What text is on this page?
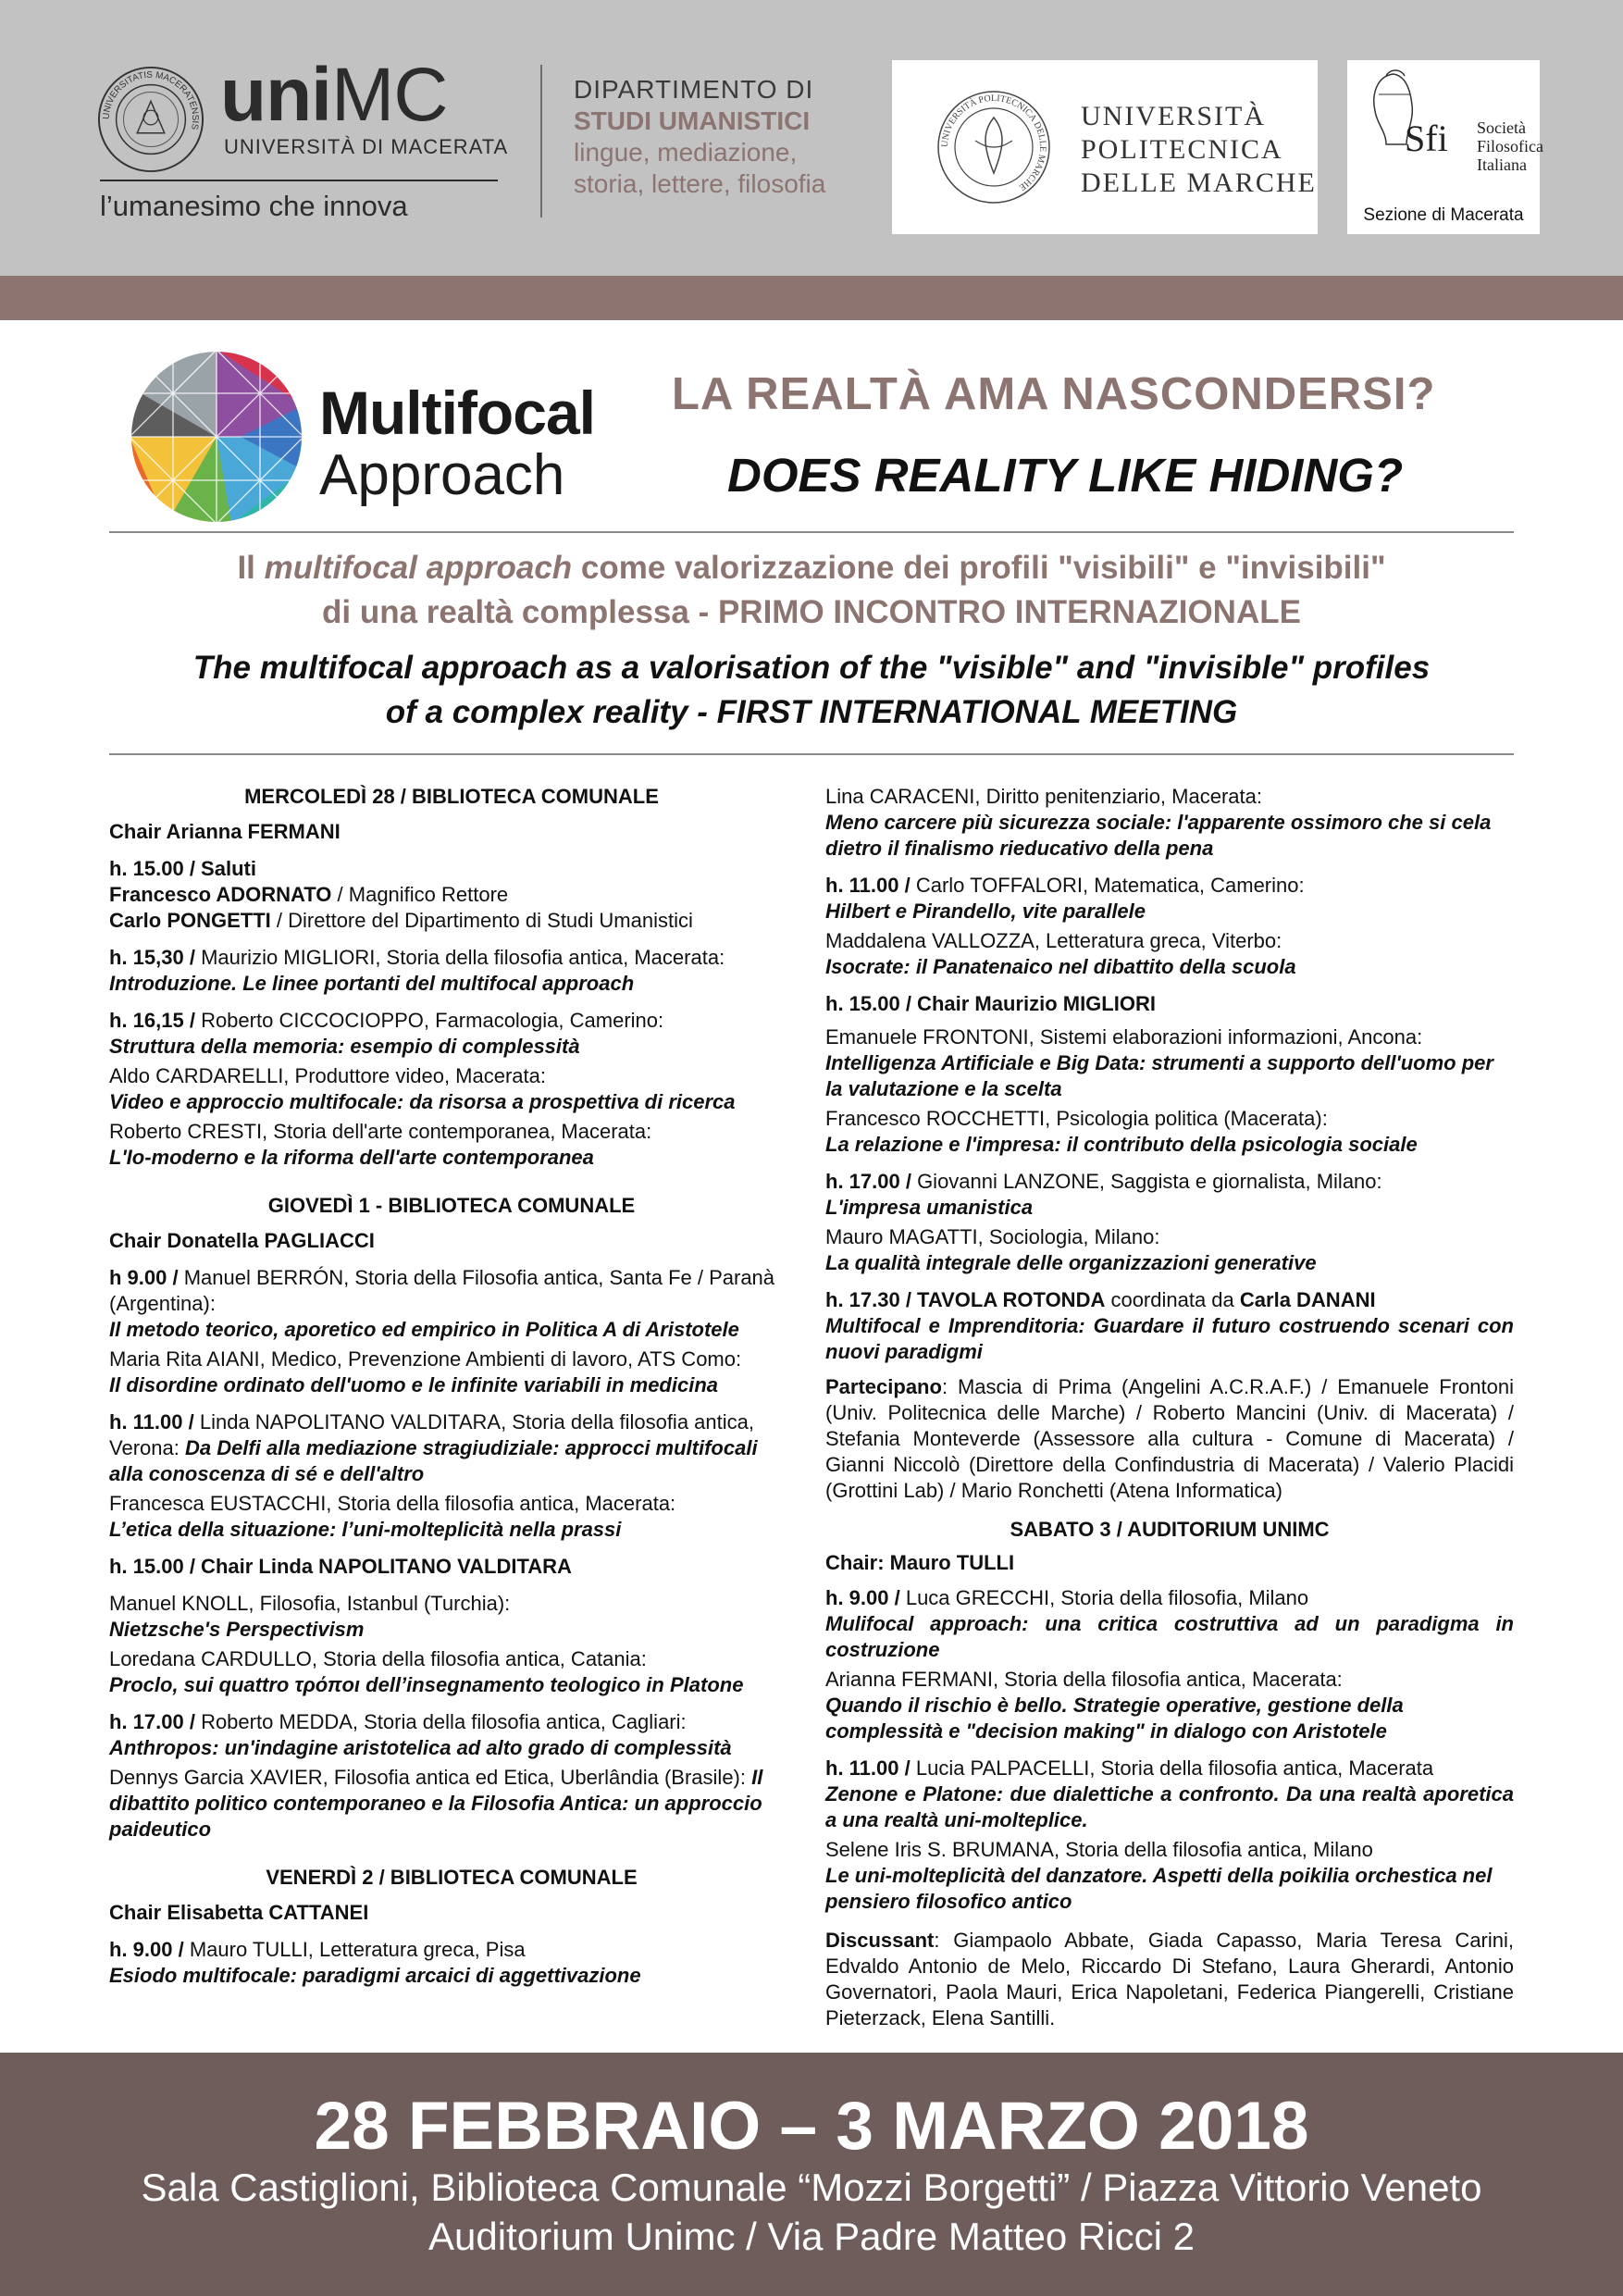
UNIVERSITATIS MACERATENSIS uniMC
UNIVERSITÀ DI MACERATA
l’umanesimo che innova
DIPARTIMENTO DI
STUDI UMANISTICI
lingue, mediazione,
storia, lettere, filosofia
UNIVERSITÀ POLITECNICA DELLE MARCHE
UNIVERSITÀ
POLITECNICA
DELLE MARCHE
Sfi Società
Filosofica
Italiana
Sezione di Macerata
Multifocal
Approach
LA REALTÀ AMA NASCONDERSI?
DOES REALITY LIKE HIDING?
Il multifocal approach come valorizzazione dei profili "visibili" e "invisibili"
di una realtà complessa - PRIMO INCONTRO INTERNAZIONALE
The multifocal approach as a valorisation of the "visible" and "invisible" profiles
of a complex reality - FIRST INTERNATIONAL MEETING

MERCOLEDÌ 28 / BIBLIOTECA COMUNALE

Chair Arianna FERMANI

h. 15.00 / Saluti

Francesco ADORNATO / Magnifico Rettore

Carlo PONGETTI / Direttore del Dipartimento di Studi Umanistici

h. 15,30 / Maurizio MIGLIORI, Storia della filosofia antica, Macerata:
Introduzione. Le linee portanti del multifocal approach

h. 16,15 / Roberto CICCOCIOPPO, Farmacologia, Camerino:
Struttura della memoria: esempio di complessità

Aldo CARDARELLI, Produttore video, Macerata:
Video e approccio multifocale: da risorsa a prospettiva di ricerca

Roberto CRESTI, Storia dell'arte contemporanea, Macerata:
L'Io-moderno e la riforma dell'arte contemporanea

GIOVEDÌ 1 - BIBLIOTECA COMUNALE

Chair Donatella PAGLIACCI

h 9.00 / Manuel BERRÓN, Storia della Filosofia antica, Santa Fe / Paranà (Argentina):
Il metodo teorico, aporetico ed empirico in Politica A di Aristotele

Maria Rita AIANI, Medico, Prevenzione Ambienti di lavoro, ATS Como:
Il disordine ordinato dell'uomo e le infinite variabili in medicina

h. 11.00 / Linda NAPOLITANO VALDITARA, Storia della filosofia antica, Verona: Da Delfi alla mediazione stragiudiziale: approcci multifocali alla conoscenza di sé e dell'altro

Francesca EUSTACCHI, Storia della filosofia antica, Macerata:
L’etica della situazione: l’uni-molteplicità nella prassi

h. 15.00 / Chair Linda NAPOLITANO VALDITARA

Manuel KNOLL, Filosofia, Istanbul (Turchia):
Nietzsche's Perspectivism

Loredana CARDULLO, Storia della filosofia antica, Catania:
Proclo, sui quattro τρόποι dell’insegnamento teologico in Platone

h. 17.00 / Roberto MEDDA, Storia della filosofia antica, Cagliari:
Anthropos: un'indagine aristotelica ad alto grado di complessità

Dennys Garcia XAVIER, Filosofia antica ed Etica, Uberlândia (Brasile): Il dibattito politico contemporaneo e la Filosofia Antica: un approccio paideutico

VENERDÌ 2 / BIBLIOTECA COMUNALE

Chair Elisabetta CATTANEI

h. 9.00 / Mauro TULLI, Letteratura greca, Pisa
Esiodo multifocale: paradigmi arcaici di aggettivazione

Lina CARACENI, Diritto penitenziario, Macerata:
Meno carcere più sicurezza sociale: l'apparente ossimoro che si cela dietro il finalismo rieducativo della pena

h. 11.00 / Carlo TOFFALORI, Matematica, Camerino:
Hilbert e Pirandello, vite parallele

Maddalena VALLOZZA, Letteratura greca, Viterbo:
Isocrate: il Panatenaico nel dibattito della scuola

h. 15.00 / Chair Maurizio MIGLIORI

Emanuele FRONTONI, Sistemi elaborazioni informazioni, Ancona:
Intelligenza Artificiale e Big Data: strumenti a supporto dell'uomo per la valutazione e la scelta

Francesco ROCCHETTI, Psicologia politica (Macerata):
La relazione e l'impresa: il contributo della psicologia sociale

h. 17.00 / Giovanni LANZONE, Saggista e giornalista, Milano:
L'impresa umanistica

Mauro MAGATTI, Sociologia, Milano:
La qualità integrale delle organizzazioni generative

h. 17.30 / TAVOLA ROTONDA coordinata da Carla DANANI
Multifocal e Imprenditoria: Guardare il futuro costruendo scenari con nuovi paradigmi

Partecipano: Mascia di Prima (Angelini A.C.R.A.F.) / Emanuele Frontoni (Univ. Politecnica delle Marche) / Roberto Mancini (Univ. di Macerata) / Stefania Monteverde (Assessore alla cultura - Comune di Macerata) / Gianni Niccolò (Direttore della Confindustria di Macerata) / Valerio Placidi (Grottini Lab) / Mario Ronchetti (Atena Informatica)

SABATO 3 / AUDITORIUM UNIMC

Chair: Mauro TULLI

h. 9.00 / Luca GRECCHI, Storia della filosofia, Milano
Mulifocal approach: una critica costruttiva ad un paradigma in costruzione

Arianna FERMANI, Storia della filosofia antica, Macerata:
Quando il rischio è bello. Strategie operative, gestione della complessità e "decision making" in dialogo con Aristotele

h. 11.00 / Lucia PALPACELLI, Storia della filosofia antica, Macerata
Zenone e Platone: due dialettiche a confronto. Da una realtà aporetica a una realtà uni-molteplice.

Selene Iris S. BRUMANA, Storia della filosofia antica, Milano
Le uni-molteplicità del danzatore. Aspetti della poikilia orchestica nel pensiero filosofico antico

Discussant: Giampaolo Abbate, Giada Capasso, Maria Teresa Carini, Edvaldo Antonio de Melo, Riccardo Di Stefano, Laura Gherardi, Antonio Governatori, Paola Mauri, Erica Napoletani, Federica Piangerelli, Cristiane Pieterzack, Elena Santilli.

28 FEBBRAIO – 3 MARZO 2018
Sala Castiglioni, Biblioteca Comunale “Mozzi Borgetti” / Piazza Vittorio Veneto
Auditorium Unimc / Via Padre Matteo Ricci 2
